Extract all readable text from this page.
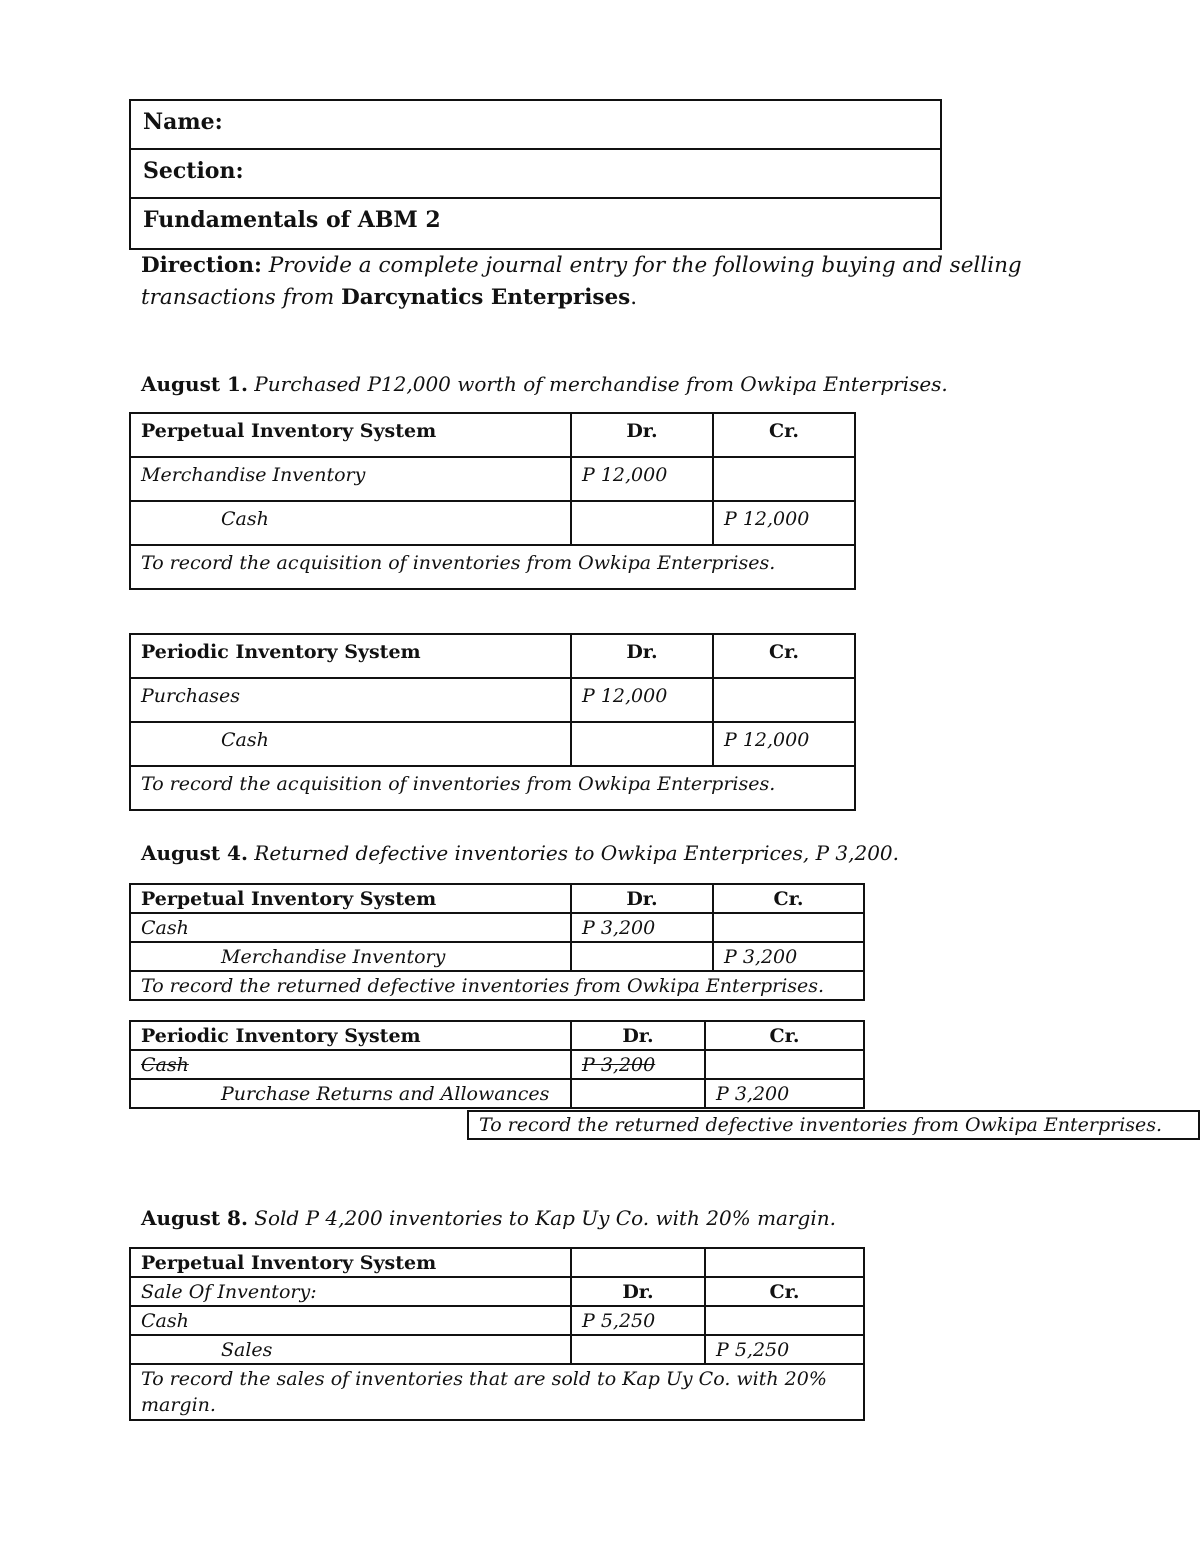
Name:
Section:
Fundamentals of ABM 2
Direction: Provide a complete journal entry for the following buying and selling transactions from Darcynatics Enterprises.
August 1. Purchased P12,000 worth of merchandise from Owkipa Enterprises.
Perpetual Inventory System	Dr.	Cr.
Merchandise Inventory	P 12,000	
Cash		P 12,000
To record the acquisition of inventories from Owkipa Enterprises.		
Periodic Inventory System	Dr.	Cr.
Purchases	P 12,000	
Cash		P 12,000
To record the acquisition of inventories from Owkipa Enterprises.		
August 4. Returned defective inventories to Owkipa Enterprices, P 3,200.
Perpetual Inventory System	Dr.	Cr.
Cash	P 3,200	
Merchandise Inventory		P 3,200
To record the returned defective inventories from Owkipa Enterprises.		
Periodic Inventory System	Dr.	Cr.
Cash	P 3,200	
Purchase Returns and Allowances		P 3,200
To record the returned defective inventories from Owkipa Enterprises.
August 8. Sold P 4,200 inventories to Kap Uy Co. with 20% margin.
Perpetual Inventory System		
Sale Of Inventory:	Dr.	Cr.
Cash	P 5,250	
Sales		P 5,250
To record the sales of inventories that are sold to Kap Uy Co. with 20% margin.		
